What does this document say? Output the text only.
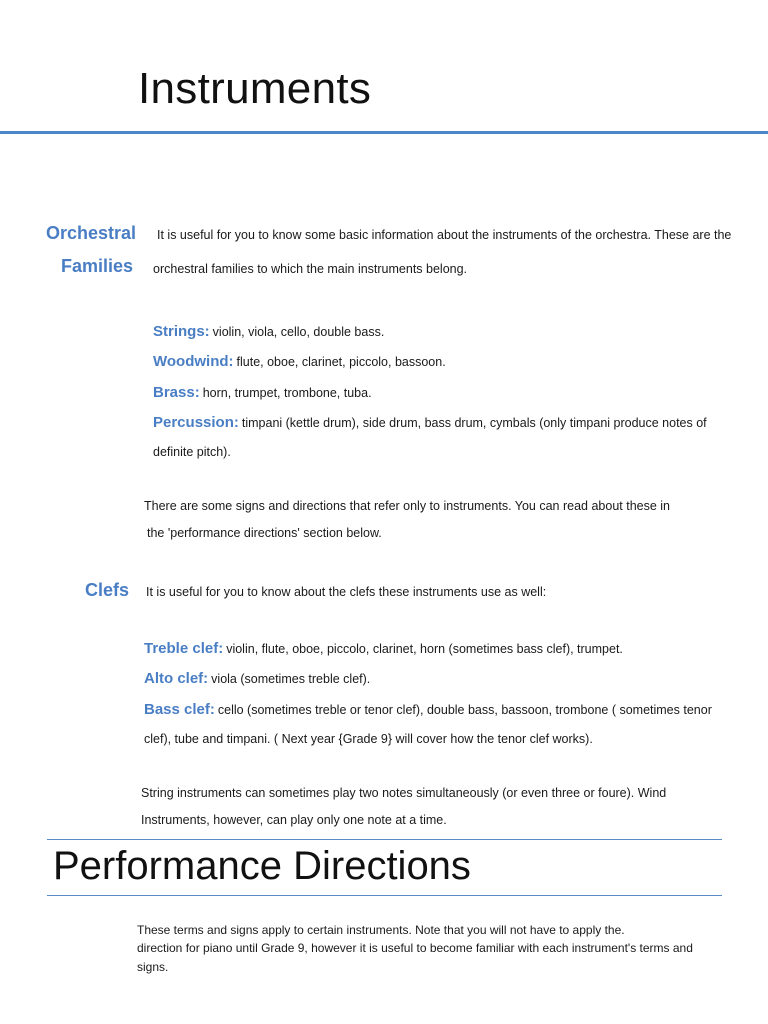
Instruments
Orchestral
Families
It is useful for you to know some basic information about the instruments of the orchestra. These are the
orchestral families to which the main instruments belong.
Strings: violin, viola, cello, double bass.
Woodwind: flute, oboe, clarinet, piccolo, bassoon.
Brass: horn, trumpet, trombone, tuba.
Percussion: timpani (kettle drum), side drum, bass drum, cymbals (only timpani produce notes of
definite pitch).
There are some signs and directions that refer only to instruments. You can read about these in
the 'performance directions' section below.
Clefs It is useful for you to know about the clefs these instruments use as well:
Treble clef: violin, flute, oboe, piccolo, clarinet, horn (sometimes bass clef), trumpet.
Alto clef: viola (sometimes treble clef).
Bass clef: cello (sometimes treble or tenor clef), double bass, bassoon, trombone ( sometimes tenor
clef), tube and timpani. ( Next year {Grade 9} will cover how the tenor clef works).
String instruments can sometimes play two notes simultaneously (or even three or foure). Wind
Instruments, however, can play only one note at a time.
Performance Directions
These terms and signs apply to certain instruments. Note that you will not have to apply the.
direction for piano until Grade 9, however it is useful to become familiar with each instrument's terms and
signs.
